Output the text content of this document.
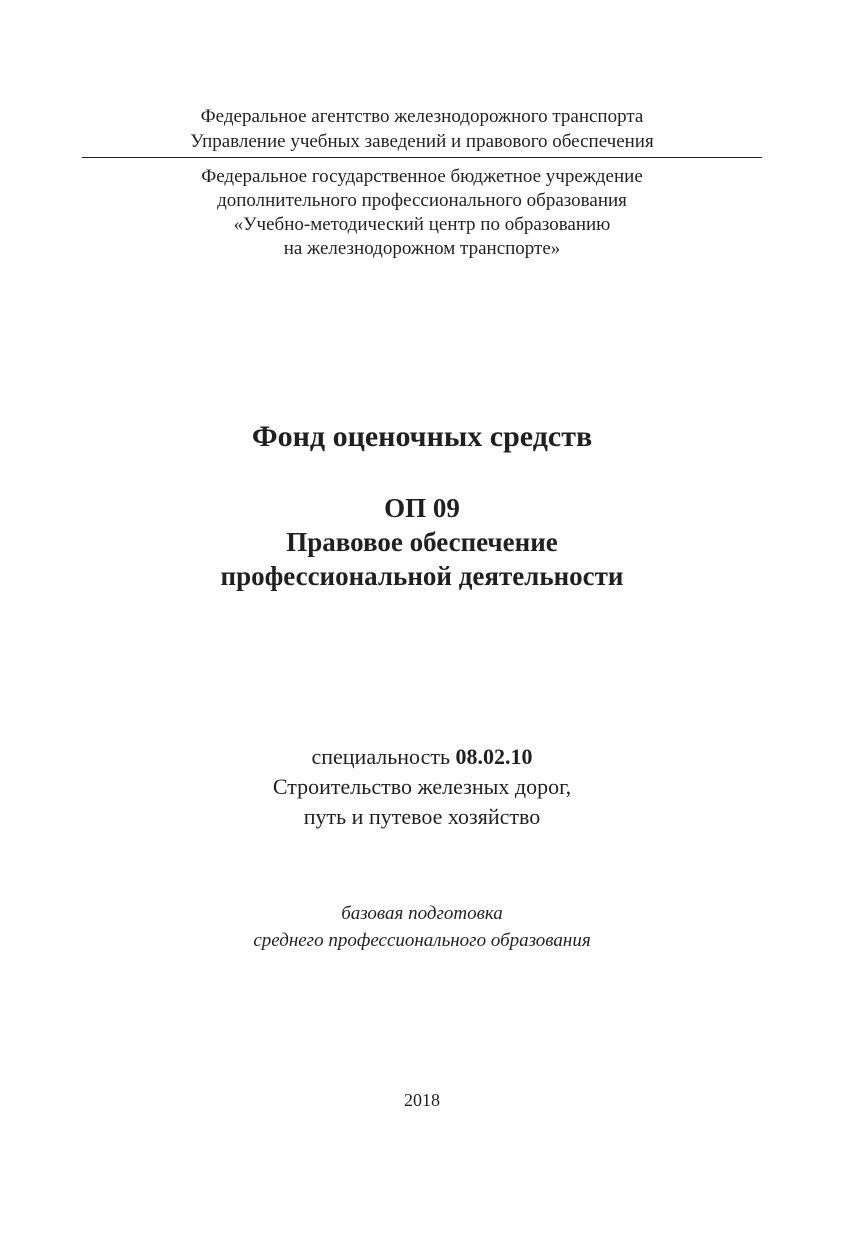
Федеральное агентство железнодорожного транспорта
Управление учебных заведений и правового обеспечения
Федеральное государственное бюджетное учреждение
дополнительного профессионального образования
«Учебно-методический центр по образованию
на железнодорожном транспорте»
Фонд оценочных средств
ОП 09
Правовое обеспечение
профессиональной деятельности
специальность 08.02.10
Строительство железных дорог,
путь и путевое хозяйство
базовая подготовка
среднего профессионального образования
2018
